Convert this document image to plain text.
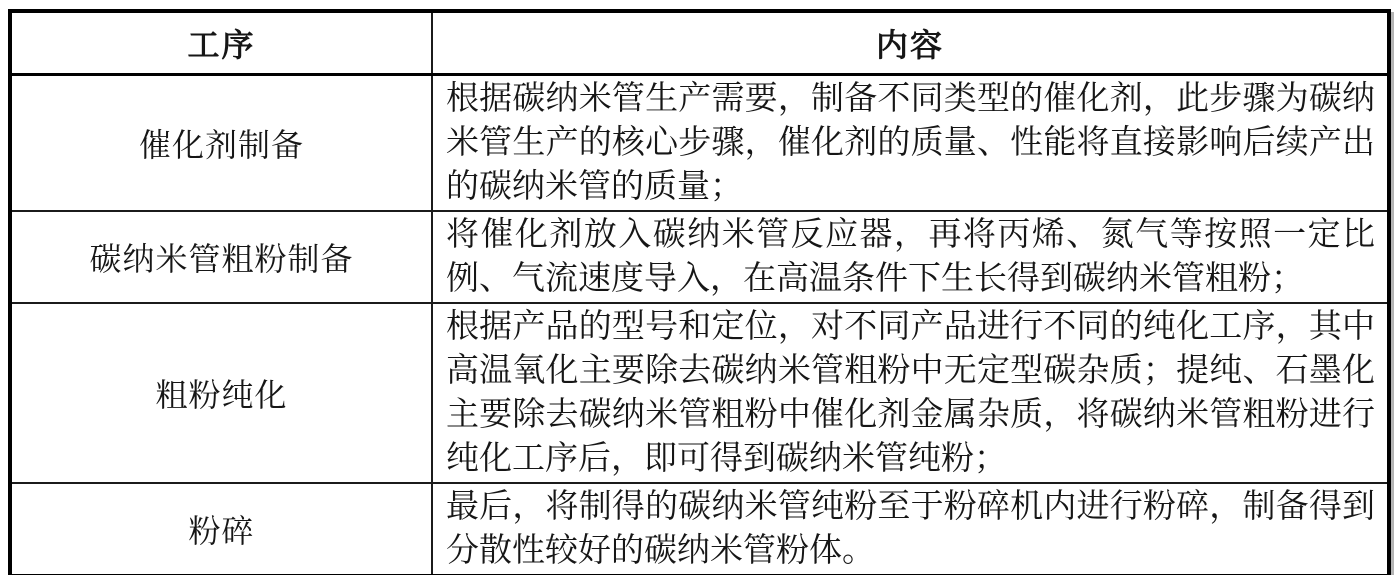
工序	内容
催化剂制备	根据碳纳米管生产需要，制备不同类型的催化剂，此步骤为碳纳米管生产的核心步骤，催化剂的质量、性能将直接影响后续产出的碳纳米管的质量；
碳纳米管粗粉制备	将催化剂放入碳纳米管反应器，再将丙烯、氮气等按照一定比例、气流速度导入，在高温条件下生长得到碳纳米管粗粉；
粗粉纯化	根据产品的型号和定位，对不同产品进行不同的纯化工序，其中高温氧化主要除去碳纳米管粗粉中无定型碳杂质；提纯、石墨化主要除去碳纳米管粗粉中催化剂金属杂质，将碳纳米管粗粉进行纯化工序后，即可得到碳纳米管纯粉；
粉碎	最后，将制得的碳纳米管纯粉至于粉碎机内进行粉碎，制备得到分散性较好的碳纳米管粉体。
